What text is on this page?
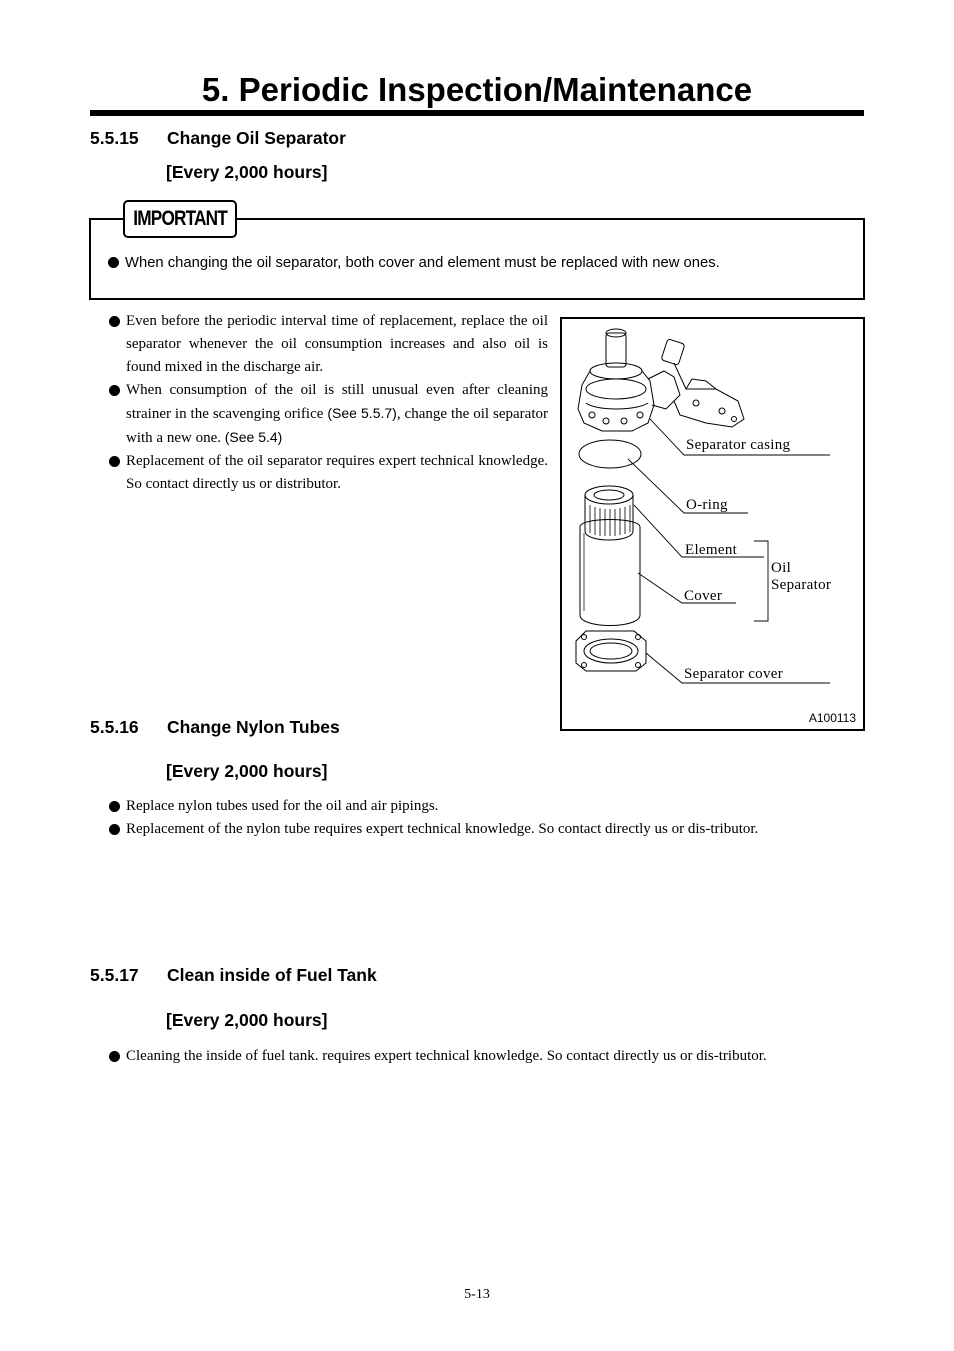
5. Periodic Inspection/Maintenance
5.5.15 Change Oil Separator
[Every 2,000 hours]
IMPORTANT
When changing the oil separator, both cover and element must be replaced with new ones.
Even before the periodic interval time of replacement, replace the oil separator whenever the oil consumption increases and also oil is found mixed in the discharge air.
When consumption of the oil is still unusual even after cleaning strainer in the scavenging orifice (See 5.5.7), change the oil separator with a new one. (See 5.4)
Replacement of the oil separator requires expert technical knowledge. So contact directly us or distributor.
Separator casing
O-ring
Element
Cover
Oil
Separator
Separator cover
A100113
5.5.16 Change Nylon Tubes
[Every 2,000 hours]
Replace nylon tubes used for the oil and air pipings.
Replacement of the nylon tube requires expert technical knowledge. So contact directly us or dis-tributor.
5.5.17 Clean inside of Fuel Tank
[Every 2,000 hours]
Cleaning the inside of fuel tank. requires expert technical knowledge. So contact directly us or dis-tributor.
5-13
